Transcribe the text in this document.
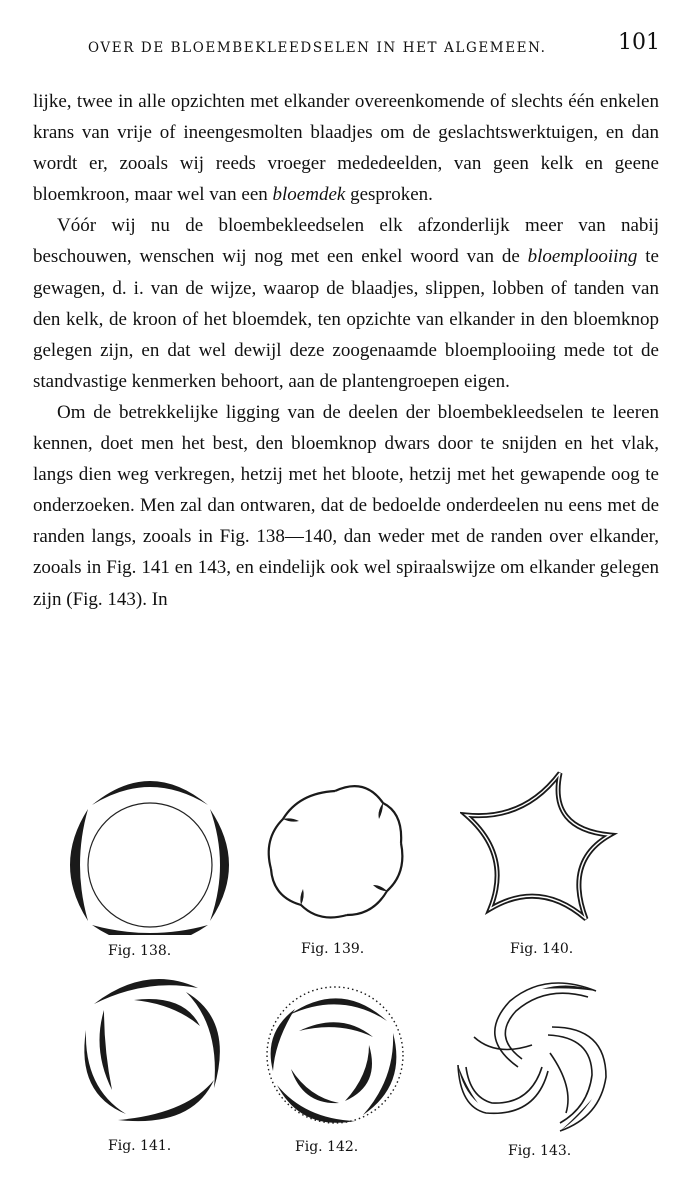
OVER DE BLOEMBEKLEEDSELEN IN HET ALGEMEEN.	101

lijke, twee in alle opzichten met elkander overeenkomende of slechts één enkelen krans van vrije of ineengesmolten blaadjes om de geslachtswerktuigen, en dan wordt er, zooals wij reeds vroeger mededeelden, van geen kelk en geene bloemkroon, maar wel van een bloemdek gesproken.

Vóór wij nu de bloembekleedselen elk afzonderlijk meer van nabij beschouwen, wenschen wij nog met een enkel woord van de bloemplooiing te gewagen, d. i. van de wijze, waarop de blaadjes, slippen, lobben of tanden van den kelk, de kroon of het bloemdek, ten opzichte van elkander in den bloemknop gelegen zijn, en dat wel dewijl deze zoogenaamde bloemplooiing mede tot de standvastige kenmerken behoort, aan de plantengroepen eigen.

Om de betrekkelijke ligging van de deelen der bloembekleedselen te leeren kennen, doet men het best, den bloemknop dwars door te snijden en het vlak, langs dien weg verkregen, hetzij met het bloote, hetzij met het gewapende oog te onderzoeken. Men zal dan ontwaren, dat de bedoelde onderdeelen nu eens met de randen langs, zooals in Fig. 138—140, dan weder met de randen over elkander, zooals in Fig. 141 en 143, en eindelijk ook wel spiraalswijze om elkander gelegen zijn (Fig. 143). In

Fig. 138.	Fig. 139.	Fig. 140.
Fig. 141.	Fig. 142.	Fig. 143.
